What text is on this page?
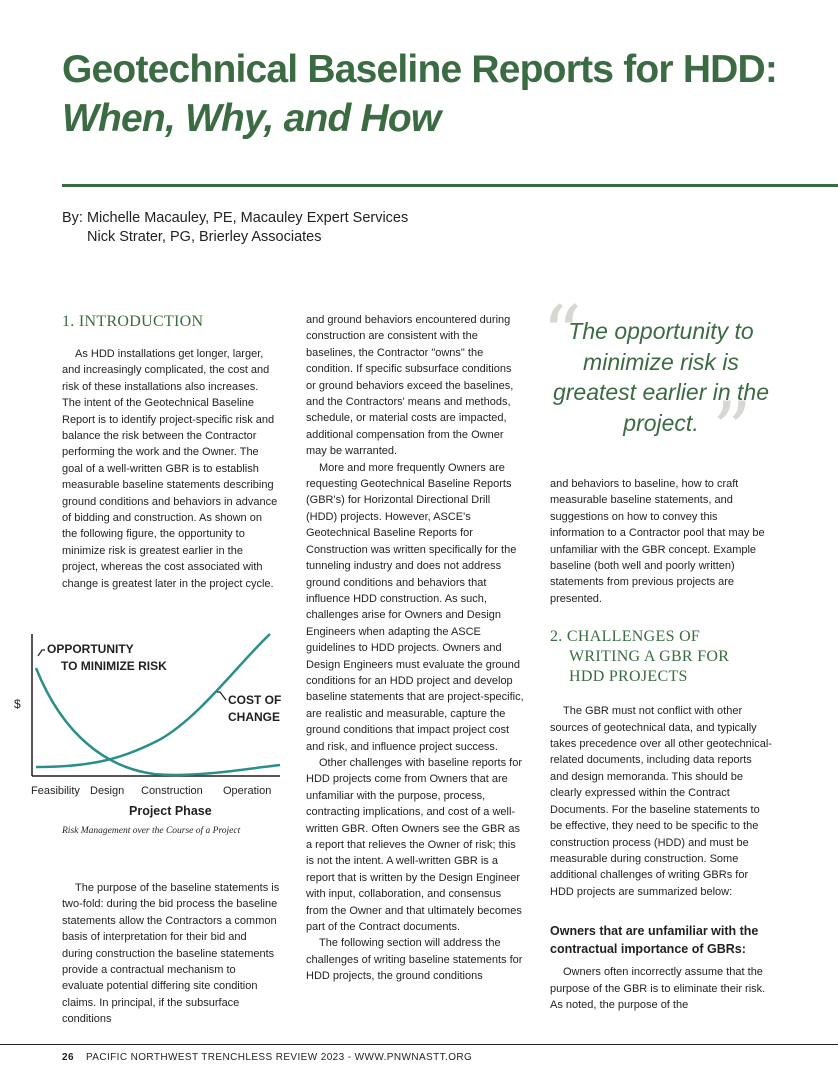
Geotechnical Baseline Reports for HDD:
When, Why, and How
By: Michelle Macauley, PE, Macauley Expert Services
Nick Strater, PG, Brierley Associates
1. INTRODUCTION

As HDD installations get longer, larger, and increasingly complicated, the cost and risk of these installations also increases. The intent of the Geotechnical Baseline Report is to identify project-specific risk and balance the risk between the Contractor performing the work and the Owner. The goal of a well-written GBR is to establish measurable baseline statements describing ground conditions and behaviors in advance of bidding and construction. As shown on the following figure, the opportunity to minimize risk is greatest earlier in the project, whereas the cost associated with change is greatest later in the project cycle.

OPPORTUNITY
TO MINIMIZE RISK
COST OF
CHANGE
$
Feasibility Design Construction Operation
Project Phase
Risk Management over the Course of a Project

The purpose of the baseline statements is two-fold: during the bid process the baseline statements allow the Contractors a common basis of interpretation for their bid and during construction the baseline statements provide a contractual mechanism to evaluate potential differing site condition claims. In principal, if the subsurface conditions

and ground behaviors encountered during construction are consistent with the baselines, the Contractor "owns" the condition. If specific subsurface conditions or ground behaviors exceed the baselines, and the Contractors' means and methods, schedule, or material costs are impacted, additional compensation from the Owner may be warranted.

More and more frequently Owners are requesting Geotechnical Baseline Reports (GBR's) for Horizontal Directional Drill (HDD) projects. However, ASCE's Geotechnical Baseline Reports for Construction was written specifically for the tunneling industry and does not address ground conditions and behaviors that influence HDD construction. As such, challenges arise for Owners and Design Engineers when adapting the ASCE guidelines to HDD projects. Owners and Design Engineers must evaluate the ground conditions for an HDD project and develop baseline statements that are project-specific, are realistic and measurable, capture the ground conditions that impact project cost and risk, and influence project success.

Other challenges with baseline reports for HDD projects come from Owners that are unfamiliar with the purpose, process, contracting implications, and cost of a well-written GBR. Often Owners see the GBR as a report that relieves the Owner of risk; this is not the intent. A well-written GBR is a report that is written by the Design Engineer with input, collaboration, and consensus from the Owner and that ultimately becomes part of the Contract documents.

The following section will address the challenges of writing baseline statements for HDD projects, the ground conditions

“
”
The opportunity to minimize risk is greatest earlier in the project.

and behaviors to baseline, how to craft measurable baseline statements, and suggestions on how to convey this information to a Contractor pool that may be unfamiliar with the GBR concept. Example baseline (both well and poorly written) statements from previous projects are presented.

2. CHALLENGES OF
WRITING A GBR FOR
HDD PROJECTS

The GBR must not conflict with other sources of geotechnical data, and typically takes precedence over all other geotechnical-related documents, including data reports and design memoranda. This should be clearly expressed within the Contract Documents. For the baseline statements to be effective, they need to be specific to the construction process (HDD) and must be measurable during construction. Some additional challenges of writing GBRs for HDD projects are summarized below:

Owners that are unfamiliar with the contractual importance of GBRs:

Owners often incorrectly assume that the purpose of the GBR is to eliminate their risk. As noted, the purpose of the

26 PACIFIC NORTHWEST TRENCHLESS REVIEW 2023 - WWW.PNWNASTT.ORG
